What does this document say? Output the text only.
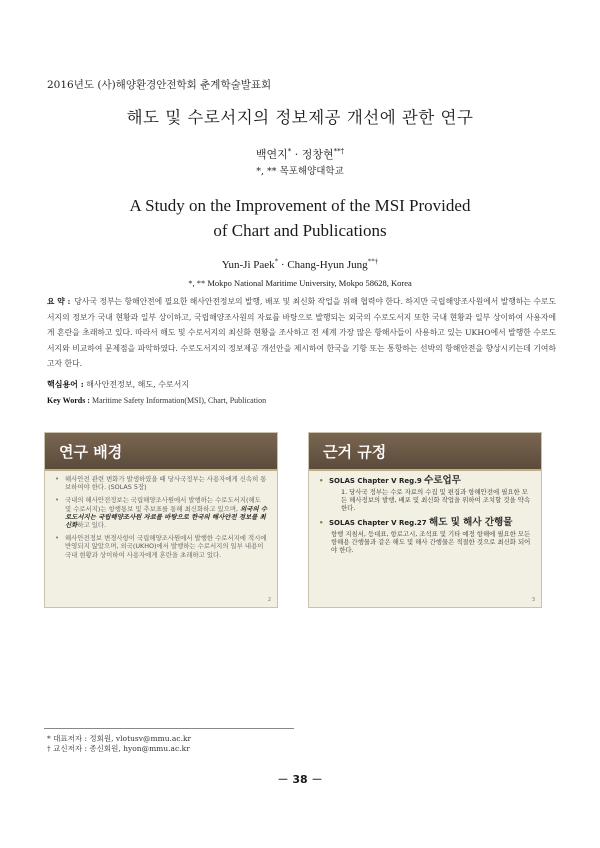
2016년도 (사)해양환경안전학회 춘계학술발표회
해도 및 수로서지의 정보제공 개선에 관한 연구
백연지* · 정창현**†
*, ** 목포해양대학교
A Study on the Improvement of the MSI Provided
of Chart and Publications
Yun-Ji Paek* · Chang-Hyun Jung**†
*, ** Mokpo National Maritime University, Mokpo 58628, Korea
요 약 : 당사국 정부는 항해안전에 필요한 해사안전정보의 발행, 배포 및 최신화 작업을 위해 협력야 한다. 하지만 국립해양조사원에서 발행하는 수로도서지의 정보가 국내 현황과 일부 상이하고, 국립해양조사원의 자료를 바탕으로 발행되는 외국의 수로도서지 또한 국내 현황과 일부 상이하여 사용자에게 혼란을 초래하고 있다. 따라서 해도 및 수로서지의 최신화 현황을 조사하고 전 세계 가장 많은 항해사들이 사용하고 있는 UKHO에서 발행한 수로도서지와 비교하여 문제점을 파악하였다. 수로도서지의 정보제공 개선안을 제시하여 한국을 기항 또는 통항하는 선박의 항해안전을 향상시키는데 기여하고자 한다.
핵심용어 : 해사안전정보, 해도, 수로서지
Key Words : Maritime Safety Information(MSI), Chart, Publication
연구 배경
• 해사안전 관련 변화가 발생하였을 때 당사국정부는 사용자에게 신속히 통보하여야 한다. (SOLAS 5장)
• 국내의 해사안전정보는 국립해양조사원에서 발행하는 수로도서지(해도 및 수로서지)는 항행통보 및 추보표를 통해 최신화하고 있으며, 외국의 수로도서지는 국립해양조사원 자료를 바탕으로 한국의 해사안전 정보를 최신화하고 있다.
• 해사안전정보 변경사항이 국립해양조사원에서 발행한 수로서지에 적시에 반영되지 않았으며, 외국(UKHO)에서 발행하는 수로서지의 일부 내용이 국내 현황과 상이하여 사용자에게 혼란을 초래하고 있다.
2
근거 규정
• SOLAS Chapter V Reg.9 수로업무
1. 당사국 정부는 수로 자료의 수집 및 편집과 항해안전에 필요한 모든 해사정보의 발행, 배포 및 최신화 작업을 위하여 조치할 것을 약속한다.
• SOLAS Chapter V Reg.27 해도 및 해사 간행물
항행 지침서, 등대표, 항로고시, 조석표 및 기타 예정 항해에 필요한 모든 항해용 간행물과 같은 해도 및 해사 간행물은 적절한 것으로 최신화 되어야 한다.
3
* 대표저자 : 정회원, vlotusv@mmu.ac.kr
† 교신저자 : 종신회원, hyon@mmu.ac.kr
－ 38 －
